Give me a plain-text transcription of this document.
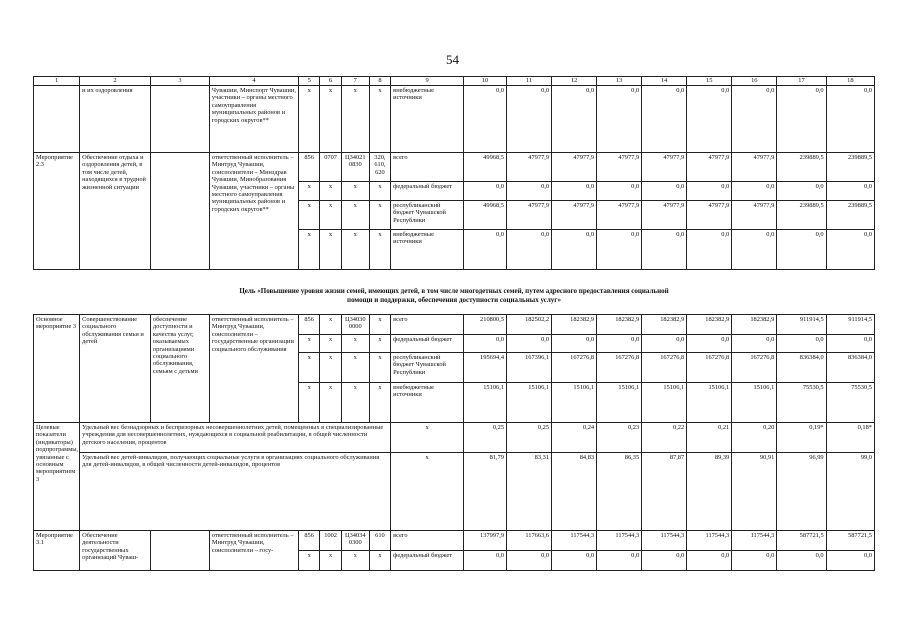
54
1	2	3	4	5	6	7	8	9	10	11	12	13	14	15	16	17	18
	и их оздоровления		Чувашии, Минспорт Чувашии, участники – органы местного самоуправления муниципальных районов и городских округов**	x	x	x	x	внебюджетные источники	0,0	0,0	0,0	0,0	0,0	0,0	0,0	0,0	0,0
Мероприятие 2.3	Обеспечение отдыха и оздоровления детей, в том числе детей, находящихся в трудной жизненной ситуации		ответственный исполнитель – Минтруд Чувашии, соисполнители – Минздрав Чувашии, Минобразования Чувашии, участники – органы местного самоуправления муниципальных районов и городских округов**	856	0707	Ц34021 0830	320, 610, 620	всего	49968,5	47977,9	47977,9	47977,9	47977,9	47977,9	47977,9	239889,5	239889,5
				x	x	x	x	федеральный бюджет	0,0	0,0	0,0	0,0	0,0	0,0	0,0	0,0	0,0
				x	x	x	x	республиканский бюджет Чувашской Республики	49968,5	47977,9	47977,9	47977,9	47977,9	47977,9	47977,9	239889,5	239889,5
				x	x	x	x	внебюджетные источники	0,0	0,0	0,0	0,0	0,0	0,0	0,0	0,0	0,0
Цель «Повышение уровня жизни семей, имеющих детей, в том числе многодетных семей, путем адресного предоставления социальной
помощи и поддержки, обеспечения доступности социальных услуг»
Основное мероприятие 3	Совершенствование социального обслуживания семьи и детей	обеспечение доступности и качества услуг, оказываемых организациями социального обслуживания, семьям с детьми	ответственный исполнитель – Минтруд Чувашии, соисполнители – государственные организации социального обслуживания	856	x	Ц34030 0000	x	всего	210800,5	182502,2	182382,9	182382,9	182382,9	182382,9	182382,9	911914,5	911914,5
				x	x	x	x	федеральный бюджет	0,0	0,0	0,0	0,0	0,0	0,0	0,0	0,0	0,0
				x	x	x	x	республиканский бюджет Чувашской Республики	195694,4	167396,1	167276,8	167276,8	167276,8	167276,8	167276,8	836384,0	836384,0
				x	x	x	x	внебюджетные источники	15106,1	15106,1	15106,1	15106,1	15106,1	15106,1	15106,1	75530,5	75530,5
Целевые показатели (индикаторы) подпрограммы, увязанные с основным мероприятием 3	Удельный вес безнадзорных и беспризорных несовершеннолетних детей, помещенных в специализированные учреждения для несовершеннолетних, нуждающихся в социальной реабилитации, в общей численности детского населения, процентов							x	0,25	0,25	0,24	0,23	0,22	0,21	0,20	0,19*	0,18*
	Удельный вес детей-инвалидов, получающих социальные услуги в организациях социального обслуживания для детей-инвалидов, в общей численности детей-инвалидов, процентов							x	81,79	83,31	84,83	86,35	87,87	89,39	90,91	96,99	99,0
Мероприятие 3.1	Обеспечение деятельности государственных организаций Чуваш-		ответственный исполнитель – Минтруд Чувашии, соисполнители – госу-	856	1002	Ц34034 0300	610	всего	137997,9	117663,6	117544,3	117544,3	117544,3	117544,3	117544,3	587721,5	587721,5
				x	x	x	x	федеральный бюджет	0,0	0,0	0,0	0,0	0,0	0,0	0,0	0,0	0,0
